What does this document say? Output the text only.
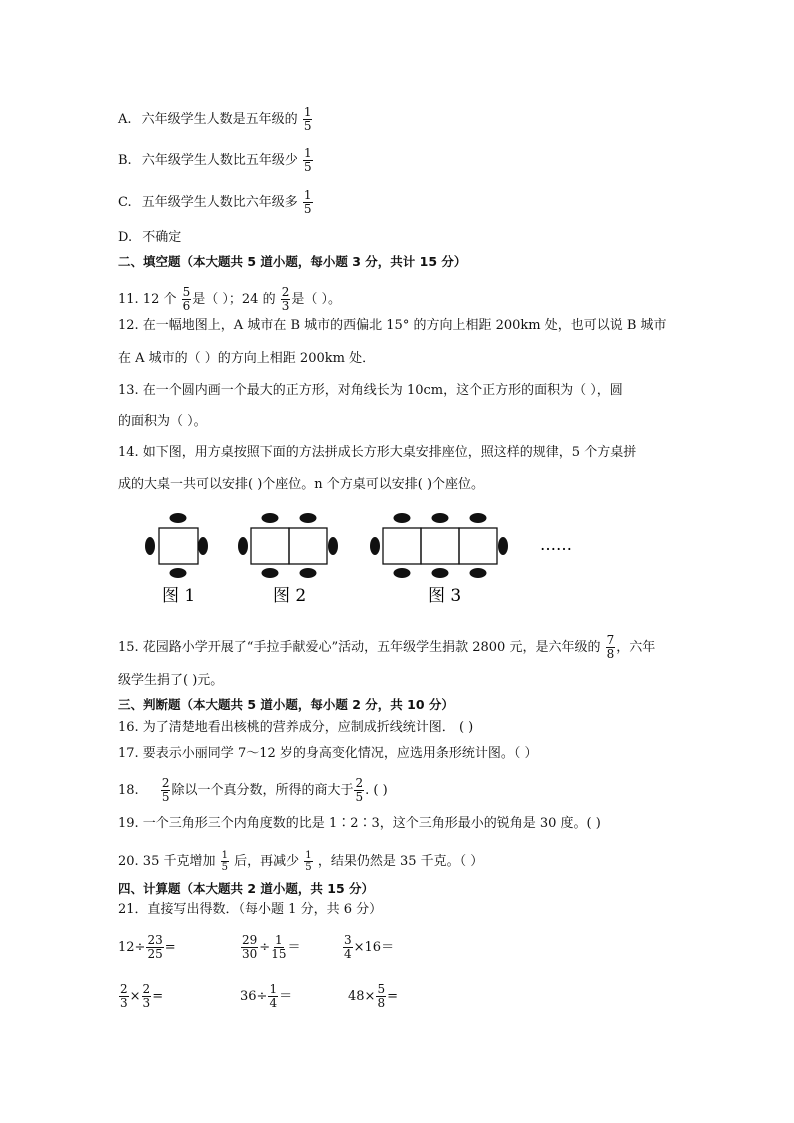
A. 六年级学生人数是五年级的 $\frac{1}{5}$
B. 六年级学生人数比五年级少 $\frac{1}{5}$
C. 五年级学生人数比六年级多 $\frac{1}{5}$
D. 不确定
二、填空题（本大题共 5 道小题，每小题 3 分，共计 15 分）
11. 12 个 $\frac{5}{6}$ 是（ ）；24 的 $\frac{2}{3}$ 是（ ）。
12. 在一幅地图上，A 城市在 B 城市的西偏北 15° 的方向上相距 200km 处，也可以说 B 城市
在 A 城市的（ ）的方向上相距 200km 处．
13. 在一个圆内画一个最大的正方形，对角线长为 10cm，这个正方形的面积为（ ），圆
的面积为（ ）。
14. 如下图，用方桌按照下面的方法拼成长方形大桌安排座位，照这样的规律，5 个方桌拼
成的大桌一共可以安排( )个座位。n 个方桌可以安排( )个座位。
……
图 1	图 2	图 3
15. 花园路小学开展了“手拉手献爱心”活动，五年级学生捐款 2800 元，是六年级的 $\frac{7}{8}$ ，六年
级学生捐了( )元。
三、判断题（本大题共 5 道小题，每小题 2 分，共 10 分）
16. 为了清楚地看出核桃的营养成分，应制成折线统计图． ( )
17. 要表示小丽同学 7～12 岁的身高变化情况，应选用条形统计图。（ ）
18. $\frac{2}{5}$ 除以一个真分数，所得的商大于 $\frac{2}{5}$ . ( )
19. 一个三角形三个内角度数的比是 1∶2∶3，这个三角形最小的锐角是 30 度。( )
20. 35 千克增加 $\frac{1}{5}$ 后，再减少 $\frac{1}{5}$ ，结果仍然是 35 千克。（ ）
四、计算题（本大题共 2 道小题，共 15 分）
21．直接写出得数．（每小题 1 分，共 6 分）
$12\div \frac{23}{25}$ =	$\frac{29}{30} \div \frac{1}{15}$ ＝	$\frac{3}{4} \times 16=$
$\frac{2}{3} \times \frac{2}{3}$ =	$36\div \frac{1}{4}$ ＝	$48\times \frac{5}{8}$ =
